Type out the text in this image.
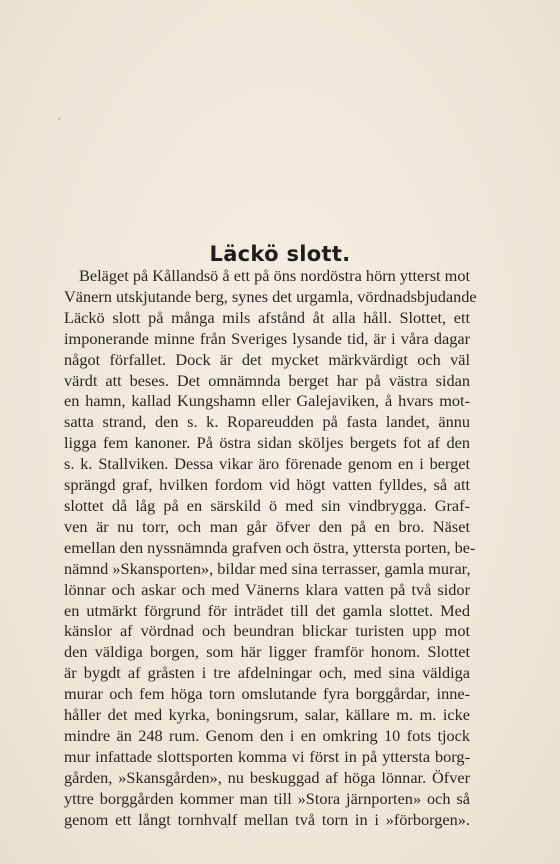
Läckö slott.
Beläget på Kållandsö å ett på öns nordöstra hörn ytterst mot
Vänern utskjutande berg, synes det urgamla, vördnadsbjudande
Läckö slott på många mils afstånd åt alla håll. Slottet, ett
imponerande minne från Sveriges lysande tid, är i våra dagar
något förfallet. Dock är det mycket märkvärdigt och väl
värdt att beses. Det omnämnda berget har på västra sidan
en hamn, kallad Kungshamn eller Galejaviken, å hvars mot-
satta strand, den s. k. Ropareudden på fasta landet, ännu
ligga fem kanoner. På östra sidan sköljes bergets fot af den
s. k. Stallviken. Dessa vikar äro förenade genom en i berget
sprängd graf, hvilken fordom vid högt vatten fylldes, så att
slottet då låg på en särskild ö med sin vindbrygga. Graf-
ven är nu torr, och man går öfver den på en bro. Näset
emellan den nyssnämnda grafven och östra, yttersta porten, be-
nämnd »Skansporten», bildar med sina terrasser, gamla murar,
lönnar och askar och med Vänerns klara vatten på två sidor
en utmärkt förgrund för inträdet till det gamla slottet. Med
känslor af vördnad och beundran blickar turisten upp mot
den väldiga borgen, som här ligger framför honom. Slottet
är bygdt af gråsten i tre afdelningar och, med sina väldiga
murar och fem höga torn omslutande fyra borggårdar, inne-
håller det med kyrka, boningsrum, salar, källare m. m. icke
mindre än 248 rum. Genom den i en omkring 10 fots tjock
mur infattade slottsporten komma vi först in på yttersta borg-
gården, »Skansgården», nu beskuggad af höga lönnar. Öfver
yttre borggården kommer man till »Stora järnporten» och så
genom ett långt tornhvalf mellan två torn in i »förborgen».
